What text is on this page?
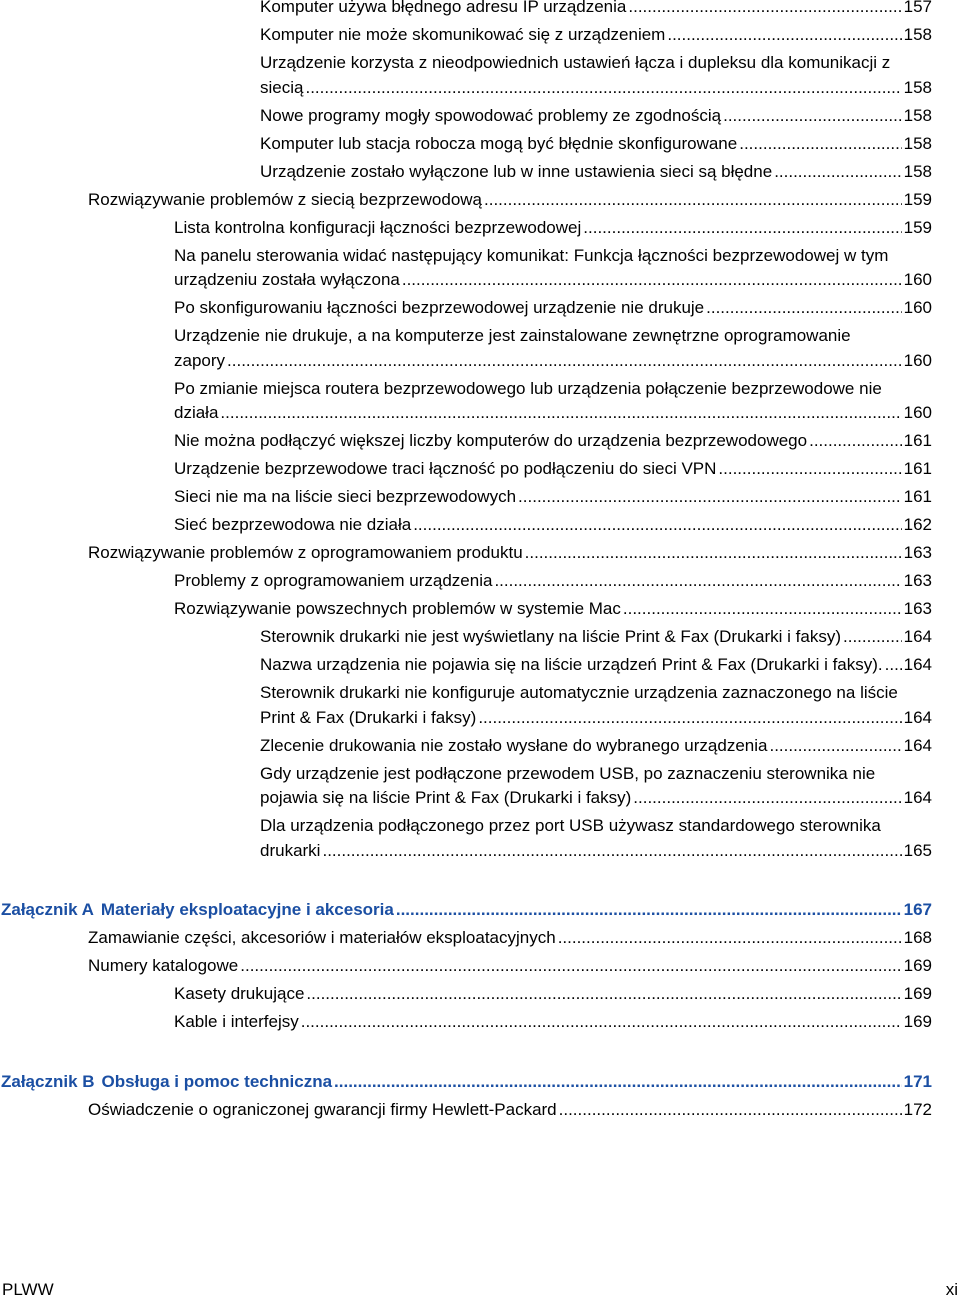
Komputer używa błędnego adresu IP urządzenia .....	157
Komputer nie może skomunikować się z urządzeniem .....	158
Urządzenie korzysta z nieodpowiednich ustawień łącza i dupleksu dla komunikacji z siecią .....	158
Nowe programy mogły spowodować problemy ze zgodnością .....	158
Komputer lub stacja robocza mogą być błędnie skonfigurowane .....	158
Urządzenie zostało wyłączone lub w inne ustawienia sieci są błędne .....	158
Rozwiązywanie problemów z siecią bezprzewodową .....	159
Lista kontrolna konfiguracji łączności bezprzewodowej .....	159
Na panelu sterowania widać następujący komunikat: Funkcja łączności bezprzewodowej w tym urządzeniu została wyłączona .....	160
Po skonfigurowaniu łączności bezprzewodowej urządzenie nie drukuje .....	160
Urządzenie nie drukuje, a na komputerze jest zainstalowane zewnętrzne oprogramowanie zapory .....	160
Po zmianie miejsca routera bezprzewodowego lub urządzenia połączenie bezprzewodowe nie działa .....	160
Nie można podłączyć większej liczby komputerów do urządzenia bezprzewodowego .....	161
Urządzenie bezprzewodowe traci łączność po podłączeniu do sieci VPN .....	161
Sieci nie ma na liście sieci bezprzewodowych .....	161
Sieć bezprzewodowa nie działa .....	162
Rozwiązywanie problemów z oprogramowaniem produktu .....	163
Problemy z oprogramowaniem urządzenia .....	163
Rozwiązywanie powszechnych problemów w systemie Mac .....	163
Sterownik drukarki nie jest wyświetlany na liście Print & Fax (Drukarki i faksy) .....	164
Nazwa urządzenia nie pojawia się na liście urządzeń Print & Fax (Drukarki i faksy). .....	164
Sterownik drukarki nie konfiguruje automatycznie urządzenia zaznaczonego na liście Print & Fax (Drukarki i faksy) .....	164
Zlecenie drukowania nie zostało wysłane do wybranego urządzenia .....	164
Gdy urządzenie jest podłączone przewodem USB, po zaznaczeniu sterownika nie pojawia się na liście Print & Fax (Drukarki i faksy) .....	164
Dla urządzenia podłączonego przez port USB używasz standardowego sterownika drukarki .....	165
Załącznik A Materiały eksploatacyjne i akcesoria .....	167
Zamawianie części, akcesoriów i materiałów eksploatacyjnych .....	168
Numery katalogowe .....	169
Kasety drukujące .....	169
Kable i interfejsy .....	169
Załącznik B Obsługa i pomoc techniczna .....	171
Oświadczenie o ograniczonej gwarancji firmy Hewlett-Packard .....	172
PLWW	xi
